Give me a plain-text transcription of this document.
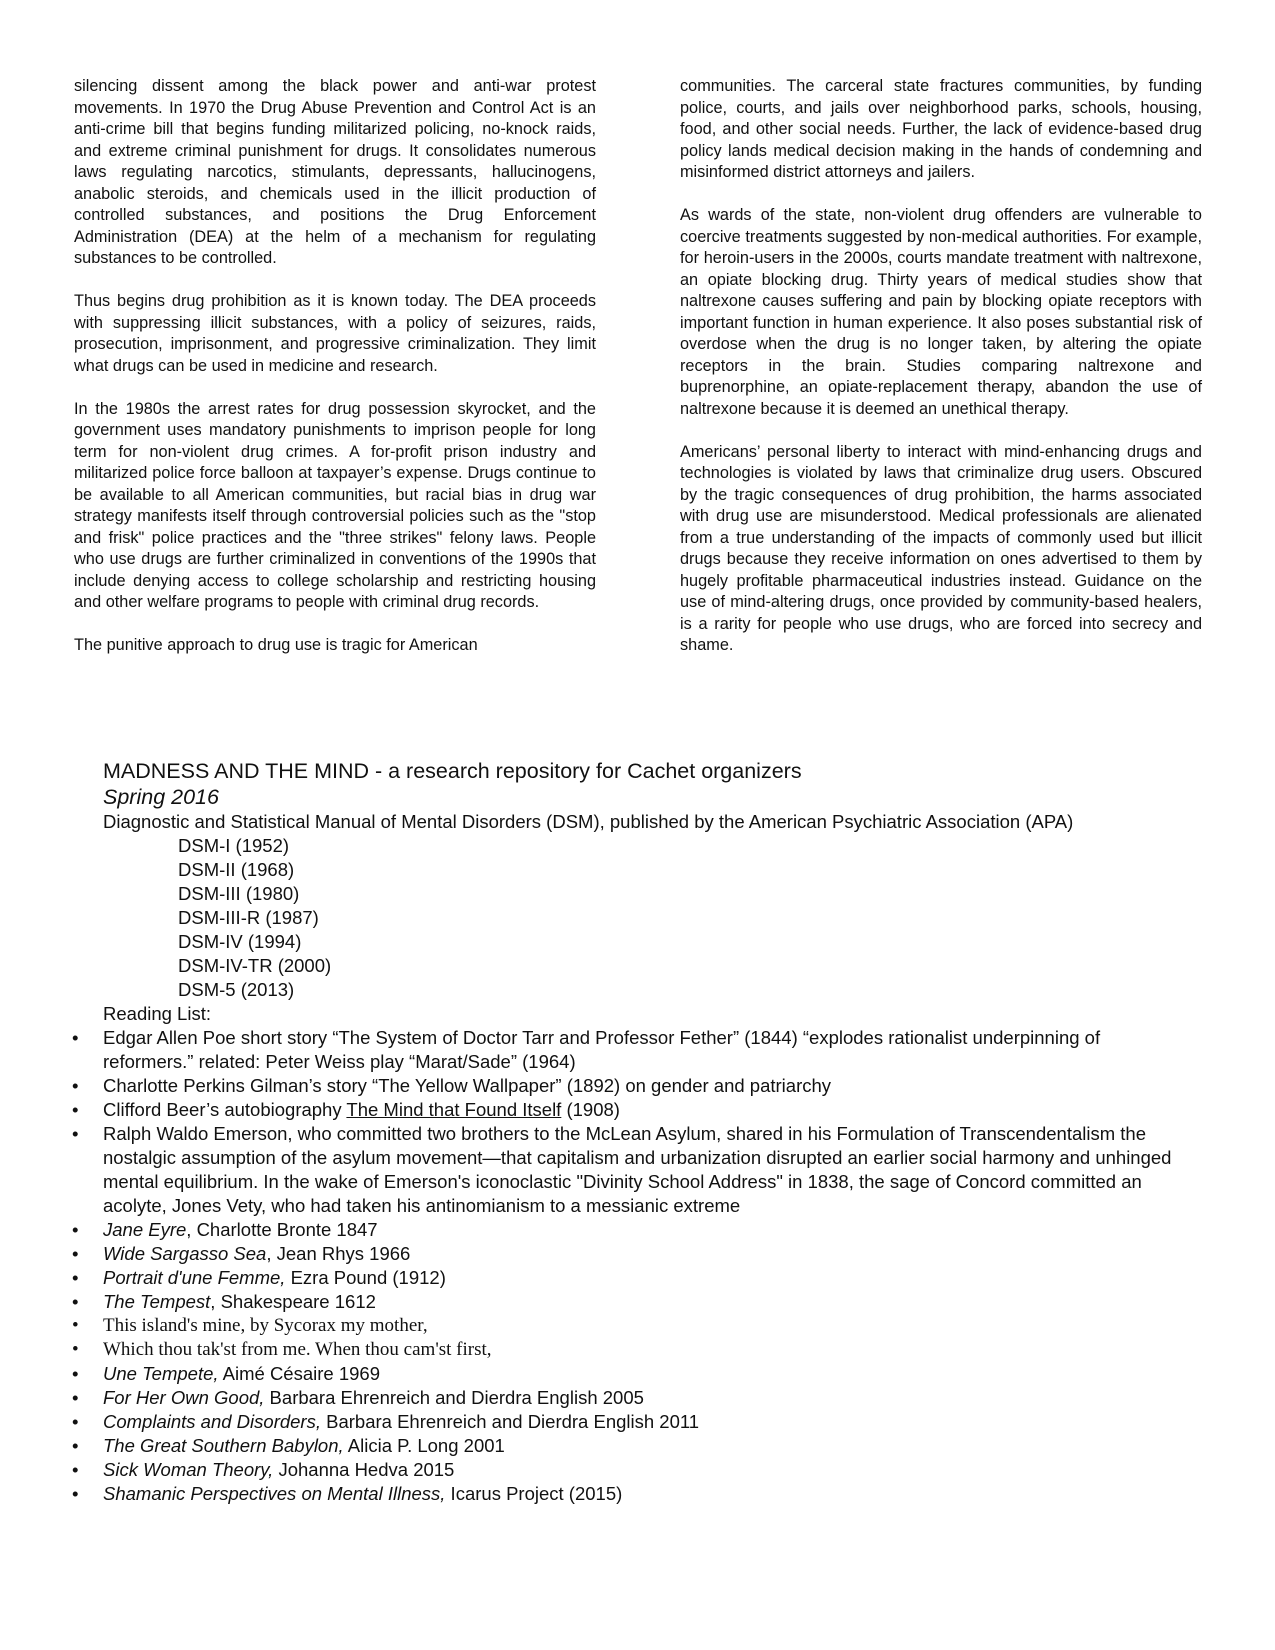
silencing dissent among the black power and anti-war protest movements. In 1970 the Drug Abuse Prevention and Control Act is an anti-crime bill that begins funding militarized policing, no-knock raids, and extreme criminal punishment for drugs. It consolidates numerous laws regulating narcotics, stimulants, depressants, hallucinogens, anabolic steroids, and chemicals used in the illicit production of controlled substances, and positions the Drug Enforcement Administration (DEA) at the helm of a mechanism for regulating substances to be controlled.

Thus begins drug prohibition as it is known today. The DEA proceeds with suppressing illicit substances, with a policy of seizures, raids, prosecution, imprisonment, and progressive criminalization. They limit what drugs can be used in medicine and research.

In the 1980s the arrest rates for drug possession skyrocket, and the government uses mandatory punishments to imprison people for long term for non-violent drug crimes. A for-profit prison industry and militarized police force balloon at taxpayer’s expense. Drugs continue to be available to all American communities, but racial bias in drug war strategy manifests itself through controversial policies such as the "stop and frisk" police practices and the "three strikes" felony laws. People who use drugs are further criminalized in conventions of the 1990s that include denying access to college scholarship and restricting housing and other welfare programs to people with criminal drug records.

The punitive approach to drug use is tragic for American

communities. The carceral state fractures communities, by funding police, courts, and jails over neighborhood parks, schools, housing, food, and other social needs. Further, the lack of evidence-based drug policy lands medical decision making in the hands of condemning and misinformed district attorneys and jailers.

As wards of the state, non-violent drug offenders are vulnerable to coercive treatments suggested by non-medical authorities. For example, for heroin-users in the 2000s, courts mandate treatment with naltrexone, an opiate blocking drug. Thirty years of medical studies show that naltrexone causes suffering and pain by blocking opiate receptors with important function in human experience. It also poses substantial risk of overdose when the drug is no longer taken, by altering the opiate receptors in the brain. Studies comparing naltrexone and buprenorphine, an opiate-replacement therapy, abandon the use of naltrexone because it is deemed an unethical therapy.

Americans’ personal liberty to interact with mind-enhancing drugs and technologies is violated by laws that criminalize drug users. Obscured by the tragic consequences of drug prohibition, the harms associated with drug use are misunderstood. Medical professionals are alienated from a true understanding of the impacts of commonly used but illicit drugs because they receive information on ones advertised to them by hugely profitable pharmaceutical industries instead. Guidance on the use of mind-altering drugs, once provided by community-based healers, is a rarity for people who use drugs, who are forced into secrecy and shame.

MADNESS AND THE MIND - a research repository for Cachet organizers

Spring 2016

Diagnostic and Statistical Manual of Mental Disorders (DSM), published by the American Psychiatric Association (APA)

DSM-I (1952)
DSM-II (1968)
DSM-III (1980)
DSM-III-R (1987)
DSM-IV (1994)
DSM-IV-TR (2000)
DSM-5 (2013)

Reading List:

• Edgar Allen Poe short story “The System of Doctor Tarr and Professor Fether” (1844) “explodes rationalist underpinning of reformers.” related: Peter Weiss play “Marat/Sade” (1964)
• Charlotte Perkins Gilman’s story “The Yellow Wallpaper” (1892) on gender and patriarchy
• Clifford Beer’s autobiography The Mind that Found Itself (1908)
• Ralph Waldo Emerson, who committed two brothers to the McLean Asylum, shared in his Formulation of Transcendentalism the nostalgic assumption of the asylum movement—that capitalism and urbanization disrupted an earlier social harmony and unhinged mental equilibrium. In the wake of Emerson's iconoclastic "Divinity School Address" in 1838, the sage of Concord committed an acolyte, Jones Vety, who had taken his antinomianism to a messianic extreme
• Jane Eyre, Charlotte Bronte 1847
• Wide Sargasso Sea, Jean Rhys 1966
• Portrait d'une Femme, Ezra Pound (1912)
• The Tempest, Shakespeare 1612
• This island's mine, by Sycorax my mother,
• Which thou tak'st from me. When thou cam'st first,
• Une Tempete, Aimé Césaire 1969
• For Her Own Good, Barbara Ehrenreich and Dierdra English 2005
• Complaints and Disorders, Barbara Ehrenreich and Dierdra English 2011
• The Great Southern Babylon, Alicia P. Long 2001
• Sick Woman Theory, Johanna Hedva 2015
• Shamanic Perspectives on Mental Illness, Icarus Project (2015)
